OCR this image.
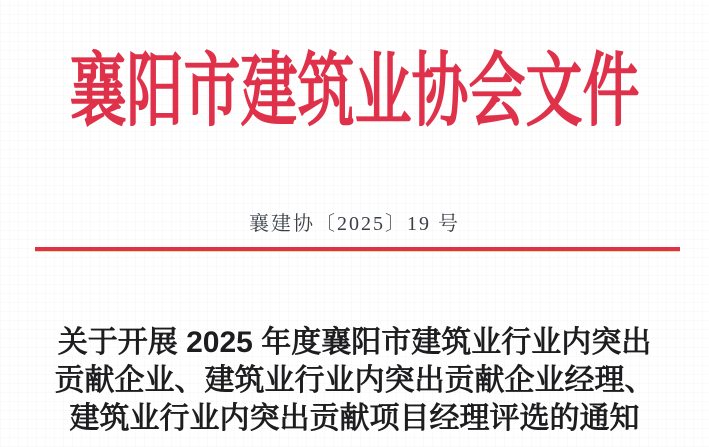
襄阳市建筑业协会文件
襄建协〔2025〕19 号
关于开展 2025 年度襄阳市建筑业行业内突出
贡献企业、建筑业行业内突出贡献企业经理、
建筑业行业内突出贡献项目经理评选的通知
